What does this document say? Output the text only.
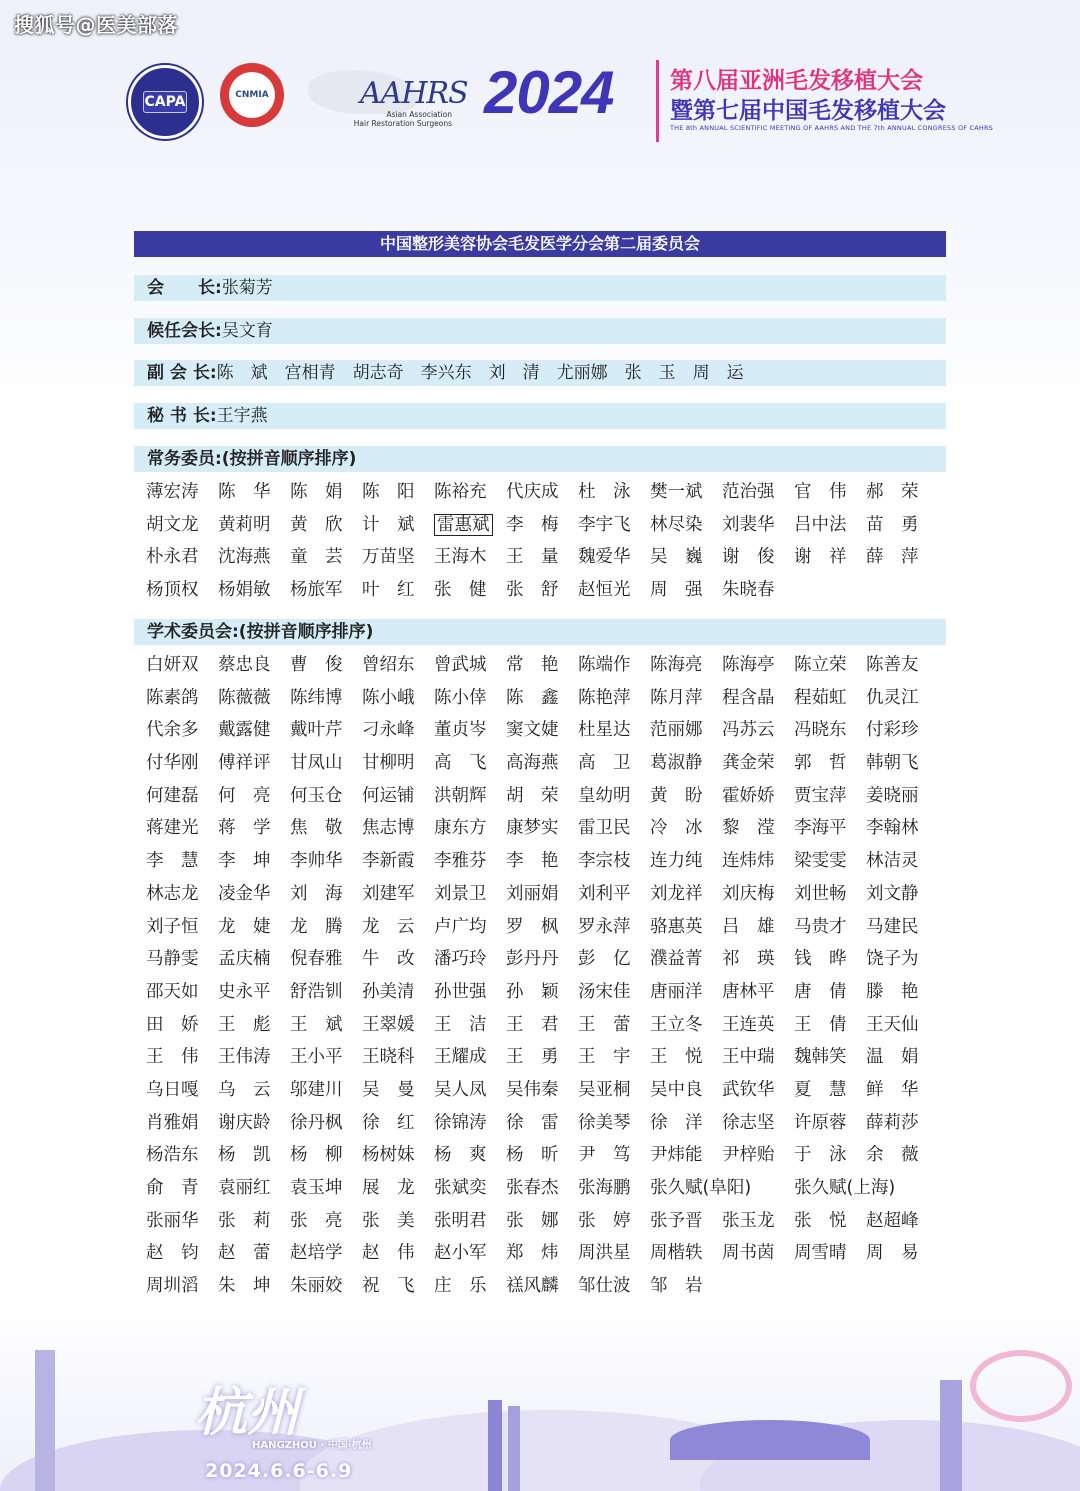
搜狐号@医美部落
CAPA	CNMIA	AAHRS
Asian Association
Hair Restoration Surgeons 2024 第八届亚洲毛发移植大会
暨第七届中国毛发移植大会
THE 8th ANNUAL SCIENTIFIC MEETING OF AAHRS AND THE 7th ANNUAL CONGRESS OF CAHRS
中国整形美容协会毛发医学分会第二届委员会
会　　长:张菊芳
候任会长:吴文育
副 会 长:陈　斌　宫相青　胡志奇　李兴东　刘　清　尤丽娜　张　玉　周　运
秘 书 长:王宇燕
常务委员:(按拼音顺序排序)
薄宏涛 陈　华 陈　娟 陈　阳 陈裕充 代庆成 杜　泳 樊一斌 范治强 官　伟 郝　荣
胡文龙 黄莉明 黄　欣 计　斌 雷惠斌 李　梅 李宇飞 林尽染 刘裴华 吕中法 苗　勇
朴永君 沈海燕 童　芸 万苗坚 王海木 王　量 魏爱华 吴　巍 谢　俊 谢　祥 薛　萍
杨顶权 杨娟敏 杨旅军 叶　红 张　健 张　舒 赵恒光 周　强 朱晓春
学术委员会:(按拼音顺序排序)
白妍双 蔡忠良 曹　俊 曾绍东 曾武城 常　艳 陈端作 陈海亮 陈海亭 陈立荣 陈善友
陈素鸽 陈薇薇 陈纬博 陈小峨 陈小倖 陈　鑫 陈艳萍 陈月萍 程含晶 程茹虹 仇灵江
代余多 戴露健 戴叶芹 刁永峰 董贞岑 窦文婕 杜星达 范丽娜 冯苏云 冯晓东 付彩珍
付华刚 傅祥评 甘凤山 甘柳明 高　飞 高海燕 高　卫 葛淑静 龚金荣 郭　哲 韩朝飞
何建磊 何　亮 何玉仓 何运铺 洪朝辉 胡　荣 皇幼明 黄　盼 霍娇娇 贾宝萍 姜晓丽
蒋建光 蒋　学 焦　敬 焦志博 康东方 康梦实 雷卫民 冷　冰 黎　滢 李海平 李翰林
李　慧 李　坤 李帅华 李新霞 李雅芬 李　艳 李宗枝 连力纯 连炜炜 梁雯雯 林洁灵
林志龙 凌金华 刘　海 刘建军 刘景卫 刘丽娟 刘利平 刘龙祥 刘庆梅 刘世畅 刘文静
刘子恒 龙　婕 龙　腾 龙　云 卢广均 罗　枫 罗永萍 骆惠英 吕　雄 马贵才 马建民
马静雯 孟庆楠 倪春雅 牛　改 潘巧玲 彭丹丹 彭　亿 濮益菁 祁　瑛 钱　晔 饶子为
邵天如 史永平 舒浩钏 孙美清 孙世强 孙　颖 汤宋佳 唐丽洋 唐林平 唐　倩 滕　艳
田　娇 王　彪 王　斌 王翠媛 王　洁 王　君 王　蕾 王立冬 王连英 王　倩 王天仙
王　伟 王伟涛 王小平 王晓科 王耀成 王　勇 王　宇 王　悦 王中瑞 魏韩笑 温　娟
乌日嘎 乌　云 邬建川 吴　曼 吴人凤 吴伟秦 吴亚桐 吴中良 武钦华 夏　慧 鲜　华
肖雅娟 谢庆龄 徐丹枫 徐　红 徐锦涛 徐　雷 徐美琴 徐　洋 徐志坚 许原蓉 薛莉莎
杨浩东 杨　凯 杨　柳 杨树妹 杨　爽 杨　昕 尹　笃 尹炜能 尹梓贻 于　泳 余　薇
俞　青 袁丽红 袁玉坤 展　龙 张斌奕 张春杰 张海鹏 张久赋(阜阳) 张久赋(上海)
张丽华 张　莉 张　亮 张　美 张明君 张　娜 张　婷 张予晋 张玉龙 张　悦 赵超峰
赵　钧 赵　蕾 赵培学 赵　伟 赵小军 郑　炜 周洪星 周楷轶 周书茵 周雪晴 周　易
周圳滔 朱　坤 朱丽姣 祝　飞 庄　乐 禚风麟 邹仕波 邹　岩
杭州
HANGZHOU · 中国·杭州
2024.6.6-6.9
